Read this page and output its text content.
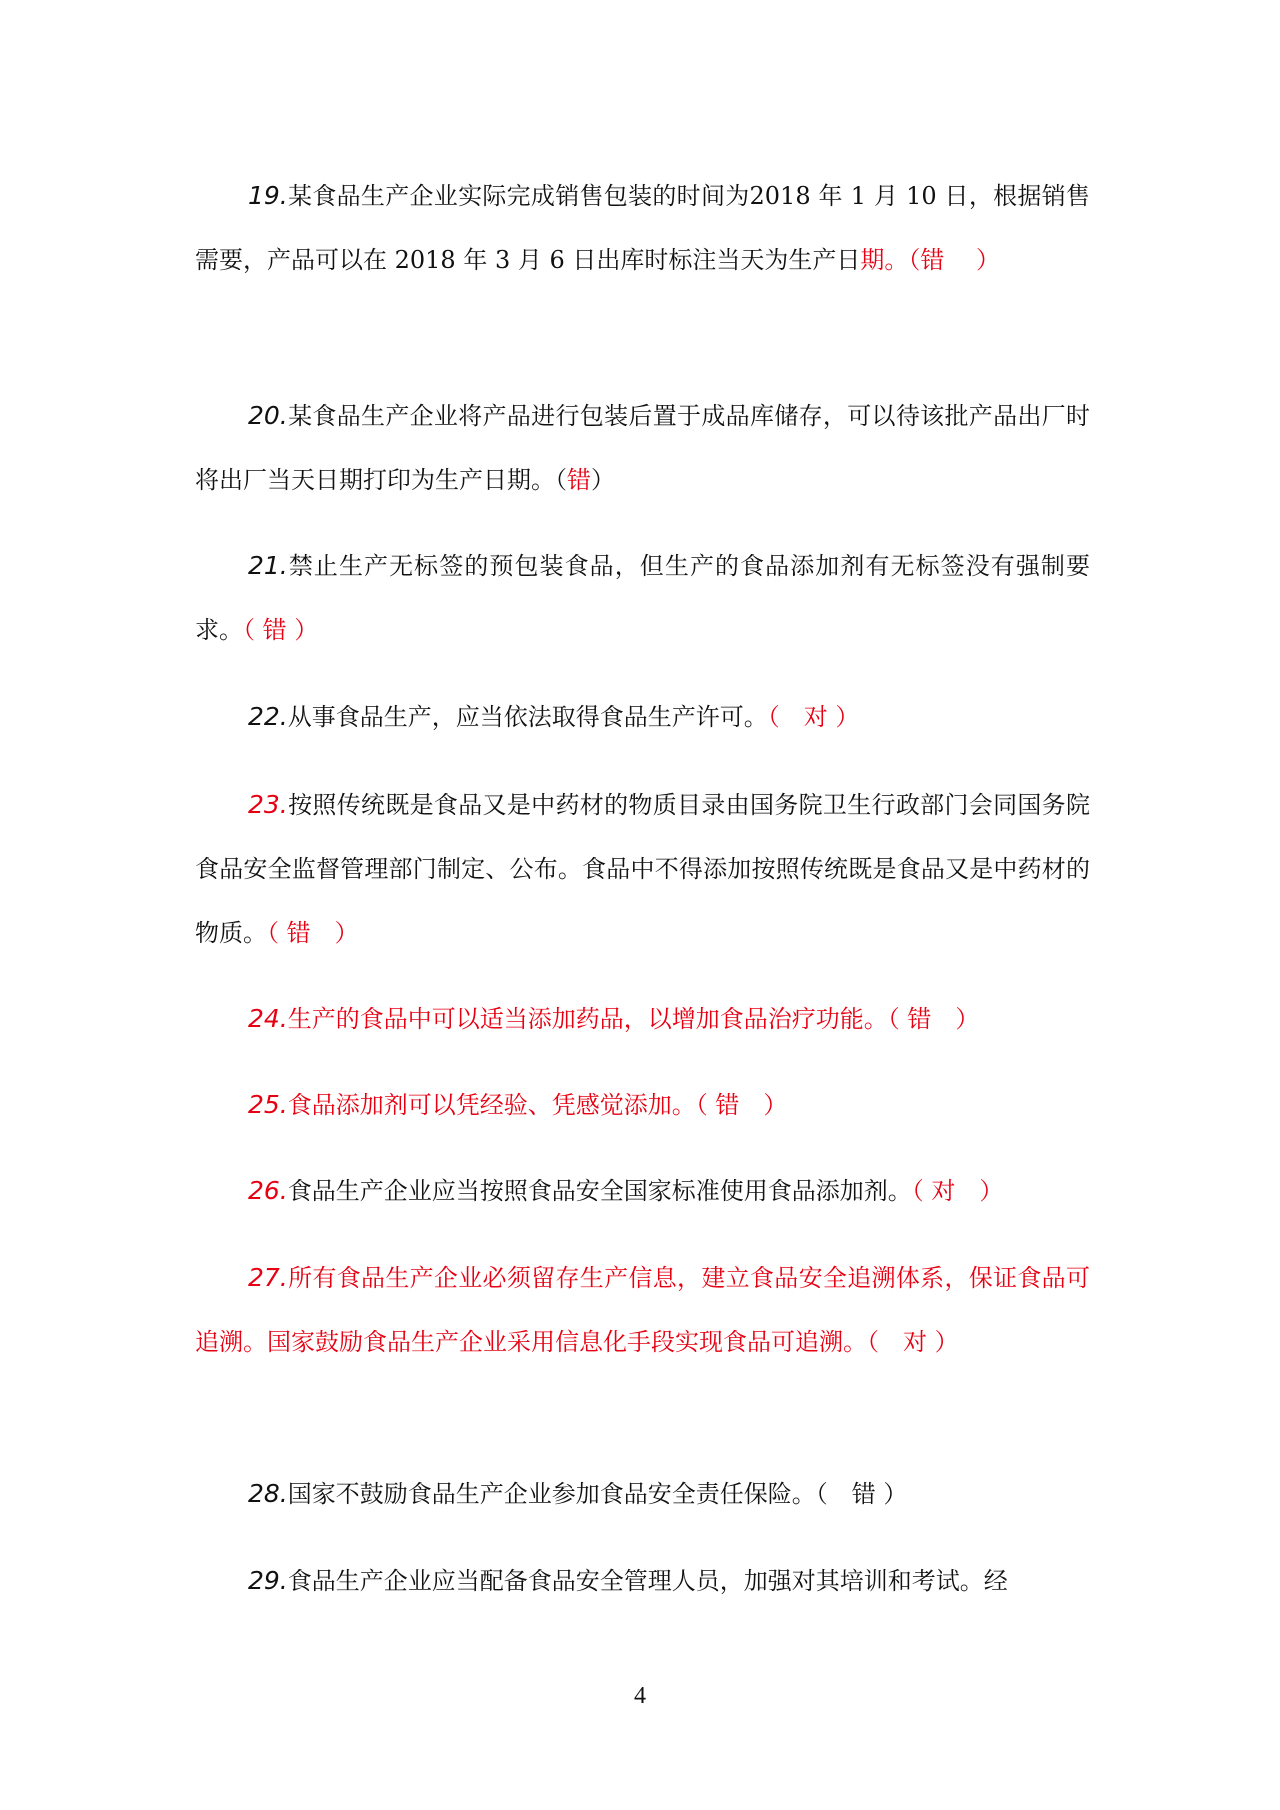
19.某食品生产企业实际完成销售包装的时间为2018 年 1 月 10 日，根据销售需要，产品可以在 2018 年 3 月 6 日出库时标注当天为生产日期。（错　 ）

20.某食品生产企业将产品进行包装后置于成品库储存，可以待该批产品出厂时将出厂当天日期打印为生产日期。（错）

21.禁止生产无标签的预包装食品，但生产的食品添加剂有无标签没有强制要求。（ 错 ）

22.从事食品生产，应当依法取得食品生产许可。（　对 ）

23.按照传统既是食品又是中药材的物质目录由国务院卫生行政部门会同国务院食品安全监督管理部门制定、公布。食品中不得添加按照传统既是食品又是中药材的物质。（ 错　）

24.生产的食品中可以适当添加药品，以增加食品治疗功能。（ 错　）

25.食品添加剂可以凭经验、凭感觉添加。（ 错　）

26.食品生产企业应当按照食品安全国家标准使用食品添加剂。（ 对　）

27.所有食品生产企业必须留存生产信息，建立食品安全追溯体系，保证食品可追溯。国家鼓励食品生产企业采用信息化手段实现食品可追溯。（　对 ）

28.国家不鼓励食品生产企业参加食品安全责任保险。（　错 ）

29.食品生产企业应当配备食品安全管理人员，加强对其培训和考试。经

4
